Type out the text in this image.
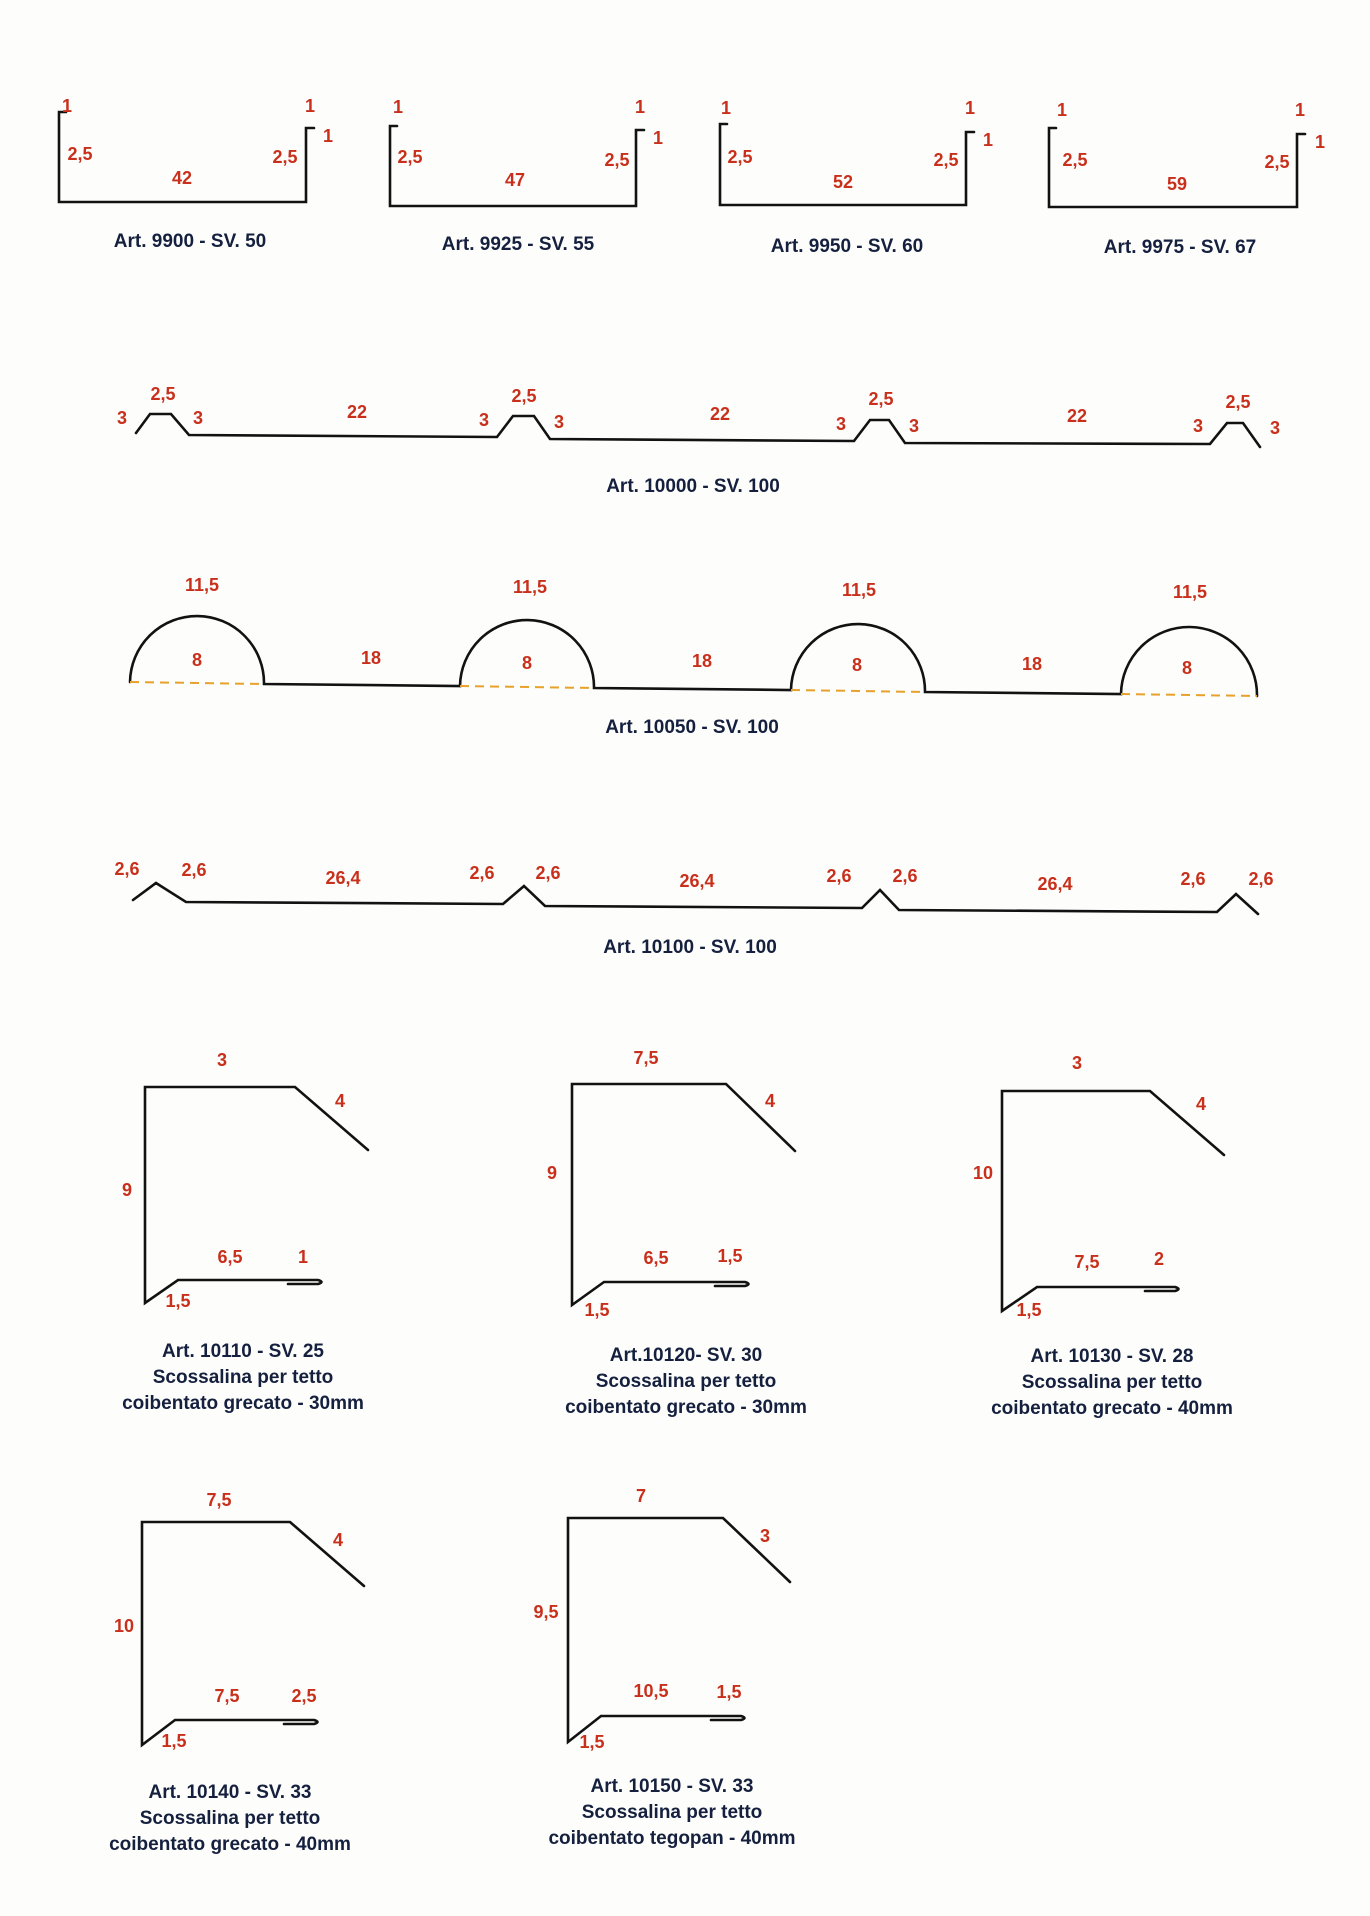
1	1
1
2,5	2,5
42
Art. 9900 - SV. 50
1	1
1
2,5	2,5
47
Art. 9925 - SV. 55
1	1
1
2,5	2,5
52
Art. 9950 - SV. 60
1	1
1
2,5	2,5
59
Art. 9975 - SV. 67
3
2,5
3	22	3
2,5
3	22	3
2,5
3	22	3
2,5
3
Art. 10000 - SV. 100
11,5
8	18
11,5
8	18
11,5
8	18
11,5
8
Art. 10050 - SV. 100
2,6 2,6	26,4	2,6 2,6	26,4	2,6 2,6	26,4	2,6 2,6
Art. 10100 - SV. 100
3
4
9
6,5	1
1,5
Art. 10110 - SV. 25
Scossalina per tetto
coibentato grecato - 30mm
7,5
4
9
6,5	1,5
1,5
Art.10120- SV. 30
Scossalina per tetto
coibentato grecato - 30mm
3
4
10
7,5	2
1,5
Art. 10130 - SV. 28
Scossalina per tetto
coibentato grecato - 40mm
7,5
4
10
7,5	2,5
1,5
Art. 10140 - SV. 33
Scossalina per tetto
coibentato grecato - 40mm
7
3
9,5
10,5	1,5
1,5
Art. 10150 - SV. 33
Scossalina per tetto
coibentato tegopan - 40mm
